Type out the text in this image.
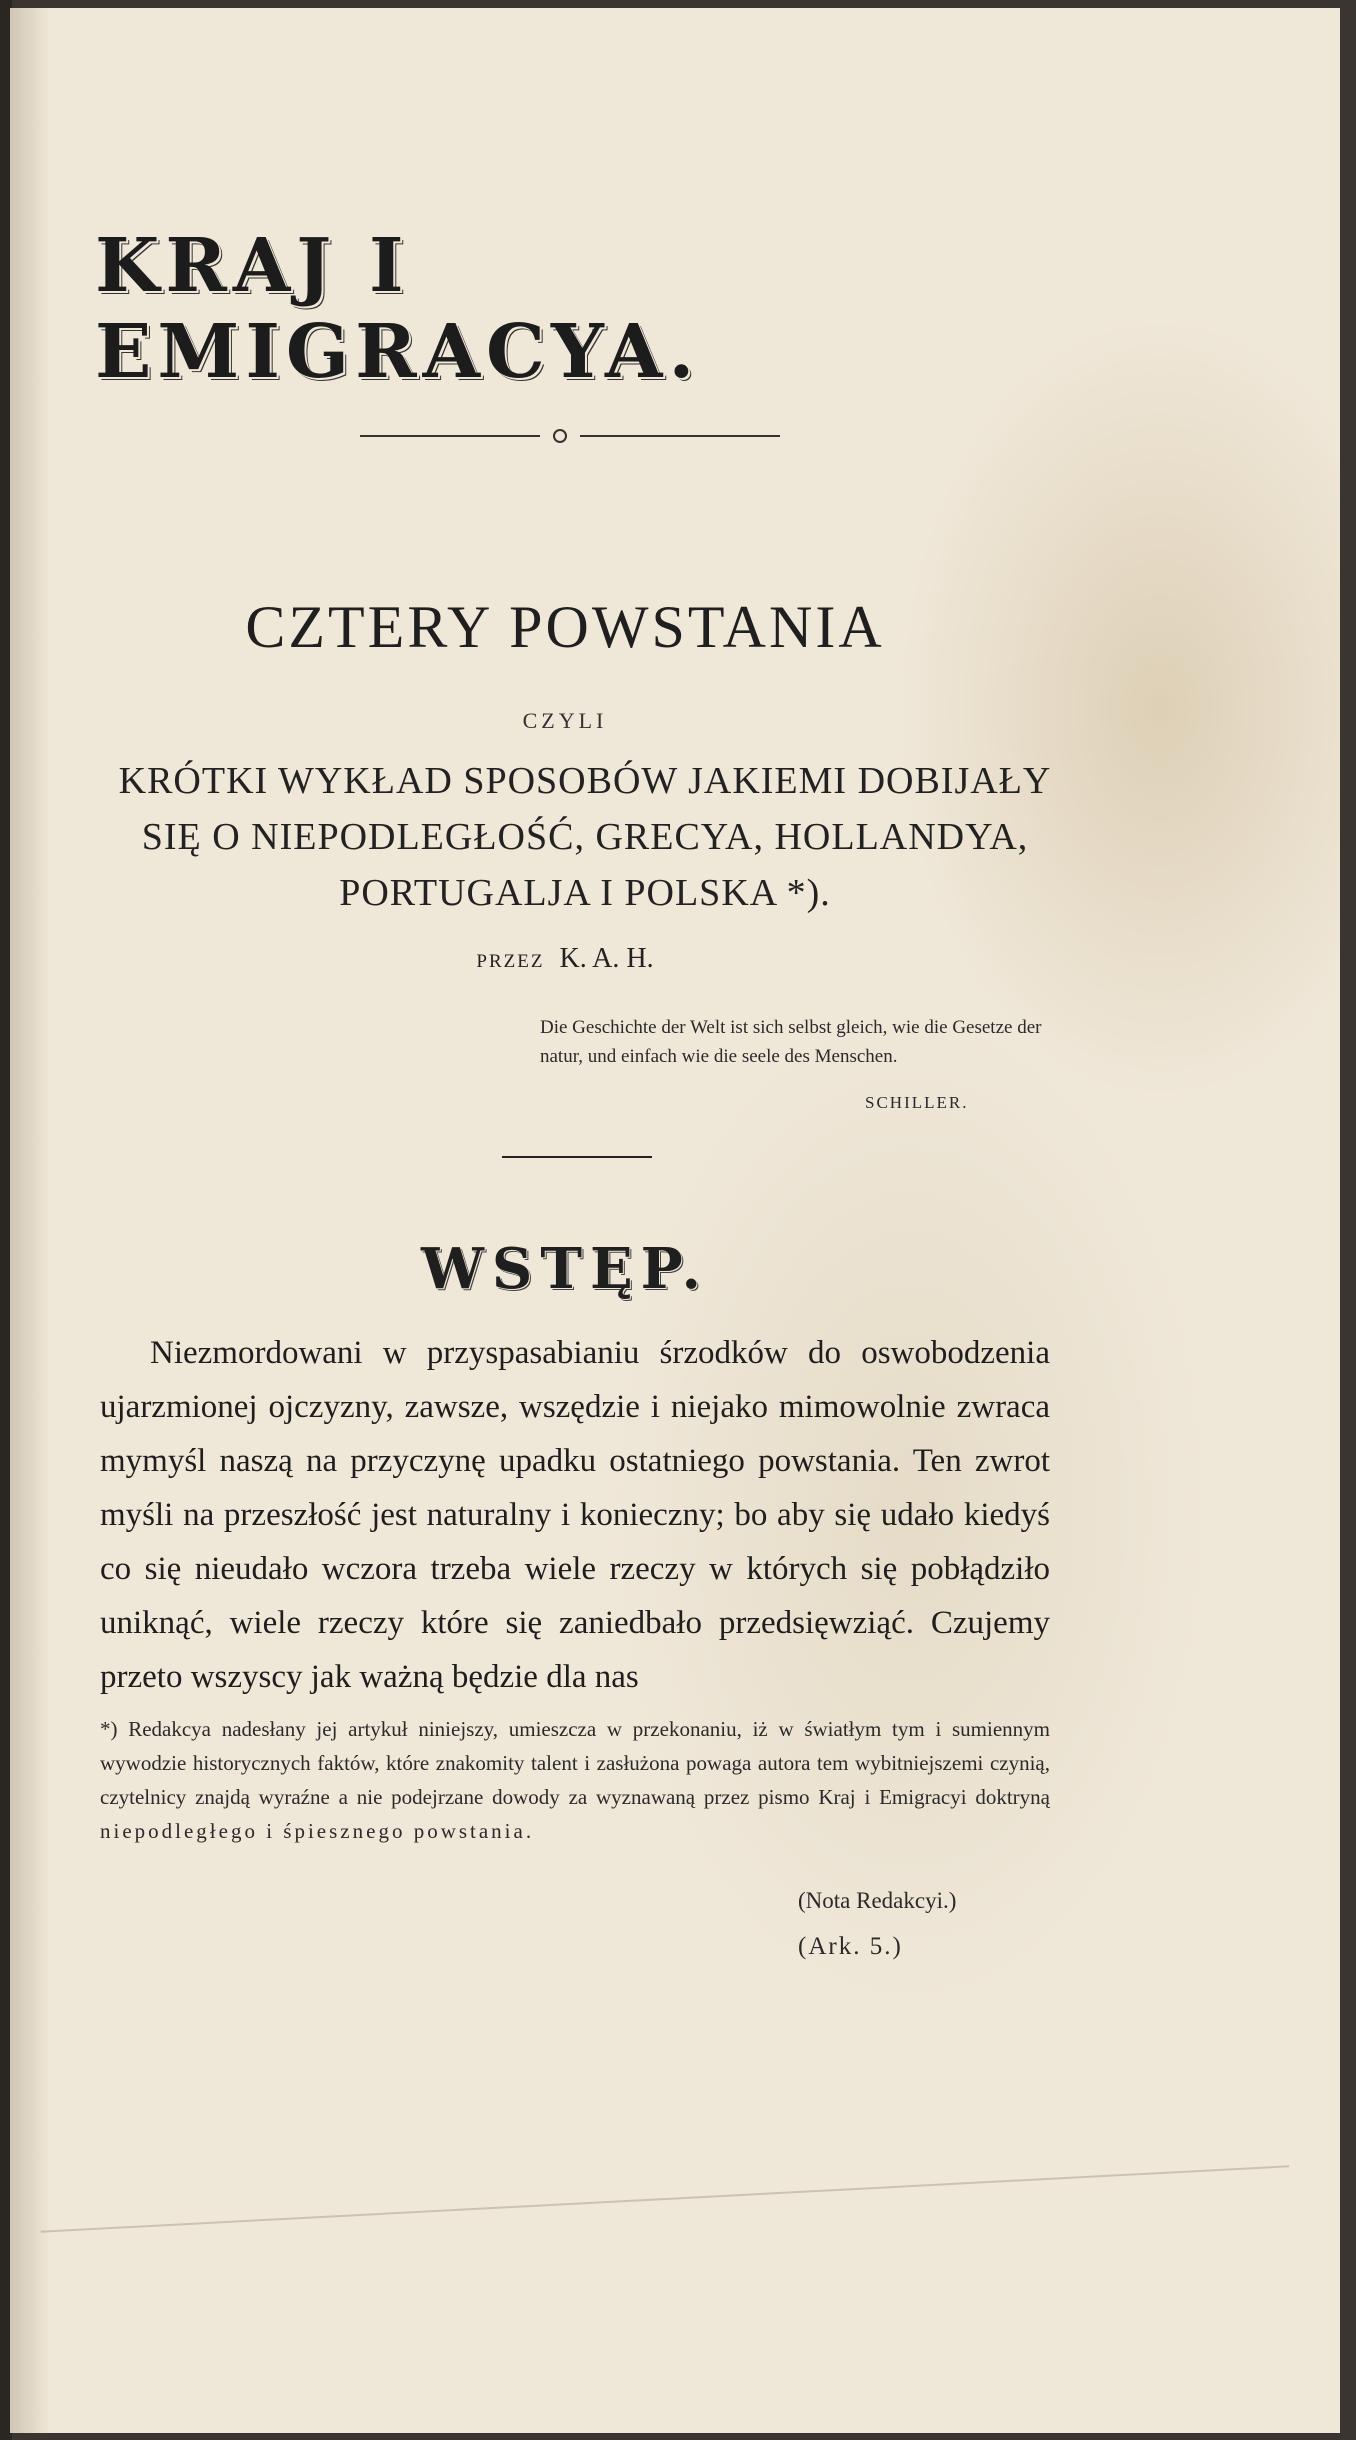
KRAJ I EMIGRACYA.
CZTERY POWSTANIA
CZYLI
KRÓTKI WYKŁAD SPOSOBÓW JAKIEMI DOBIJAŁY SIĘ O NIEPODLEGŁOŚĆ, GRECYA, HOLLANDYA, PORTUGALJA I POLSKA *).
PRZEZ K. A. H.
Die Geschichte der Welt ist sich selbst gleich, wie die Gesetze der natur, und einfach wie die seele des Menschen.
SCHILLER.
WSTĘP.

Niezmordowani w przyspasabianiu śrzodków do oswobodzenia ujarzmionej ojczyzny, zawsze, wszędzie i niejako mimowolnie zwraca mymyśl naszą na przyczynę upadku ostatniego powstania. Ten zwrot myśli na przeszłość jest naturalny i konieczny; bo aby się udało kiedyś co się nieudało wczora trzeba wiele rzeczy w których się pobłądziło uniknąć, wiele rzeczy które się zaniedbało przedsięwziąć. Czujemy przeto wszyscy jak ważną będzie dla nas

*) Redakcya nadesłany jej artykuł niniejszy, umieszcza w przekonaniu, iż w światłym tym i sumiennym wywodzie historycznych faktów, które znakomity talent i zasłużona powaga autora tem wybitniejszemi czynią, czytelnicy znajdą wyraźne a nie podejrzane dowody za wyznawaną przez pismo Kraj i Emigracyi doktryną niepodległego i śpiesznego powstania.
(Nota Redakcyi.)
(Ark. 5.)
